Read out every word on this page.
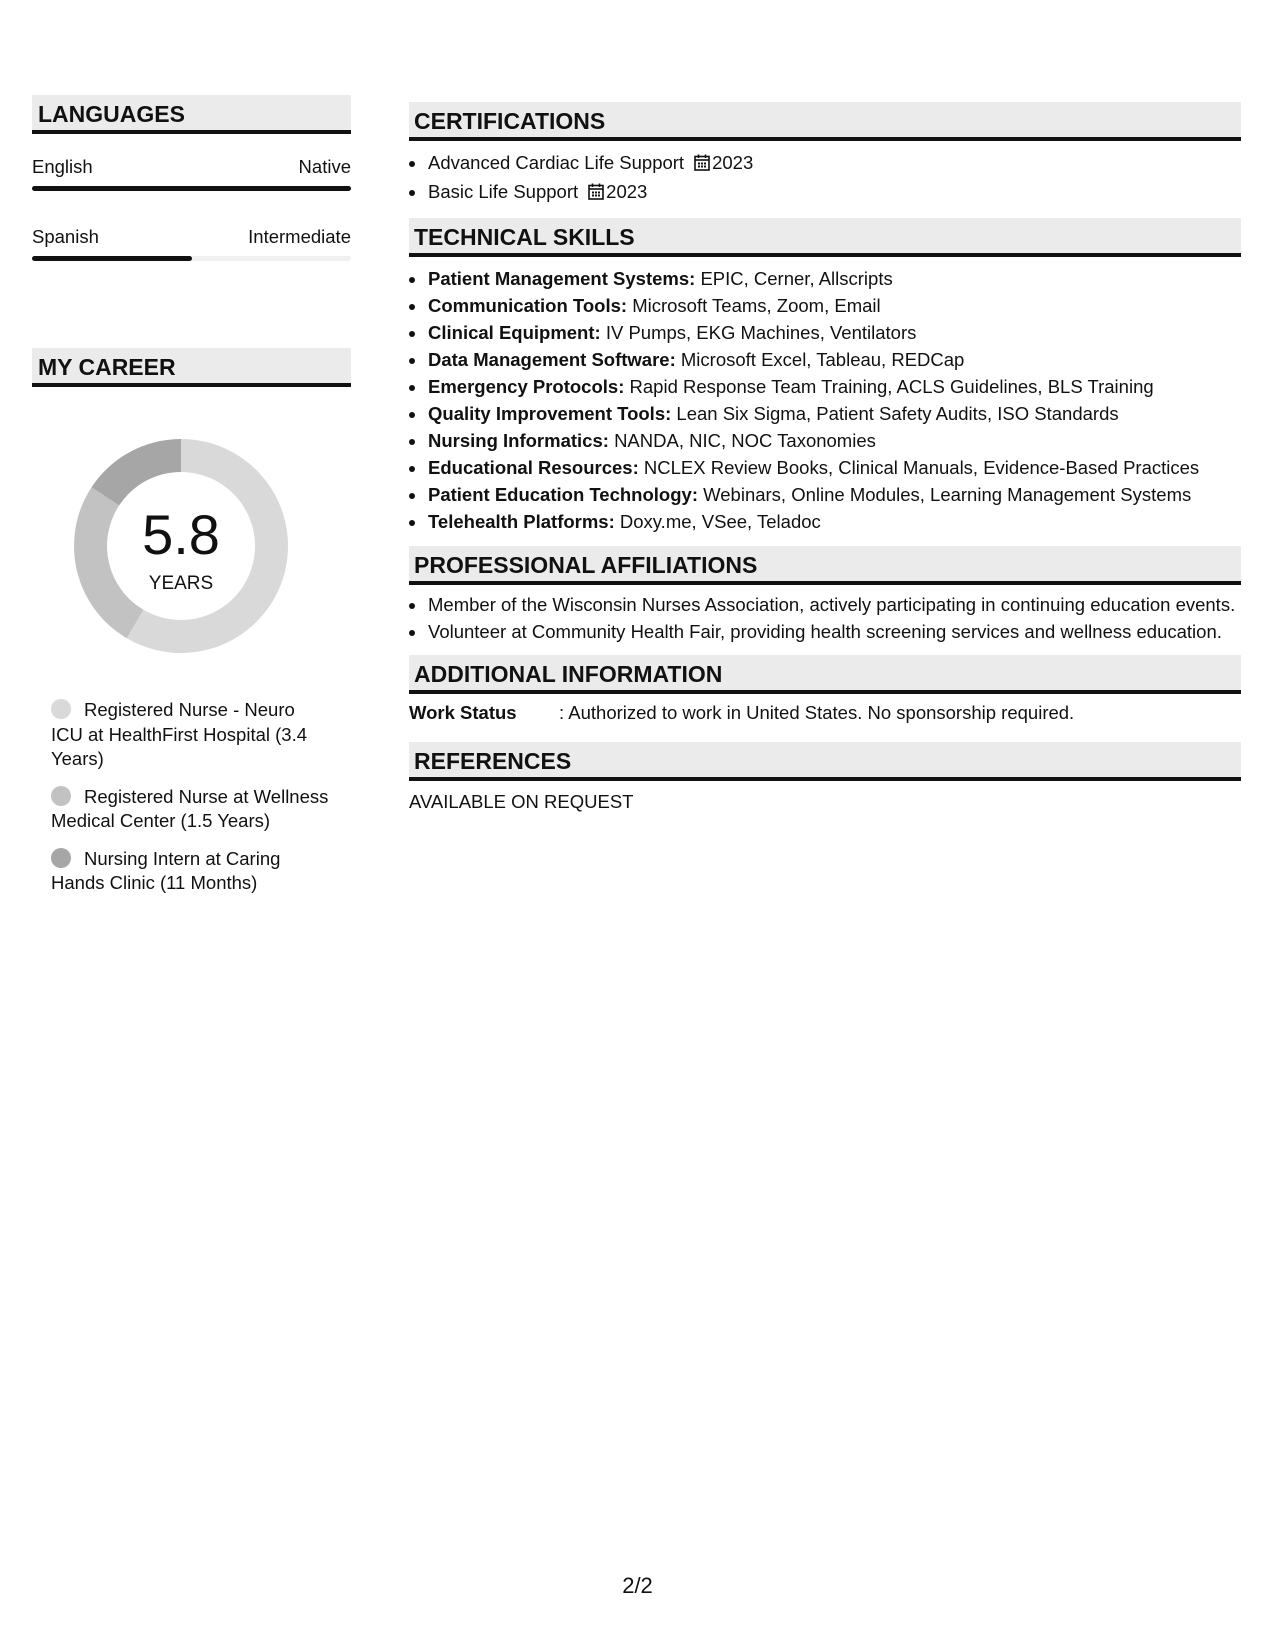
LANGUAGES
English	Native
Spanish	Intermediate
MY CAREER
5.8
YEARS
Registered Nurse - Neuro ICU at HealthFirst Hospital (3.4 Years)
Registered Nurse at Wellness Medical Center (1.5 Years)
Nursing Intern at Caring Hands Clinic (11 Months)
CERTIFICATIONS
• Advanced Cardiac Life Support 2023
• Basic Life Support 2023
TECHNICAL SKILLS
• Patient Management Systems: EPIC, Cerner, Allscripts
• Communication Tools: Microsoft Teams, Zoom, Email
• Clinical Equipment: IV Pumps, EKG Machines, Ventilators
• Data Management Software: Microsoft Excel, Tableau, REDCap
• Emergency Protocols: Rapid Response Team Training, ACLS Guidelines, BLS Training
• Quality Improvement Tools: Lean Six Sigma, Patient Safety Audits, ISO Standards
• Nursing Informatics: NANDA, NIC, NOC Taxonomies
• Educational Resources: NCLEX Review Books, Clinical Manuals, Evidence-Based Practices
• Patient Education Technology: Webinars, Online Modules, Learning Management Systems
• Telehealth Platforms: Doxy.me, VSee, Teladoc
PROFESSIONAL AFFILIATIONS
• Member of the Wisconsin Nurses Association, actively participating in continuing education events.
• Volunteer at Community Health Fair, providing health screening services and wellness education.
ADDITIONAL INFORMATION
Work Status : Authorized to work in United States. No sponsorship required.
REFERENCES
AVAILABLE ON REQUEST
2/2
